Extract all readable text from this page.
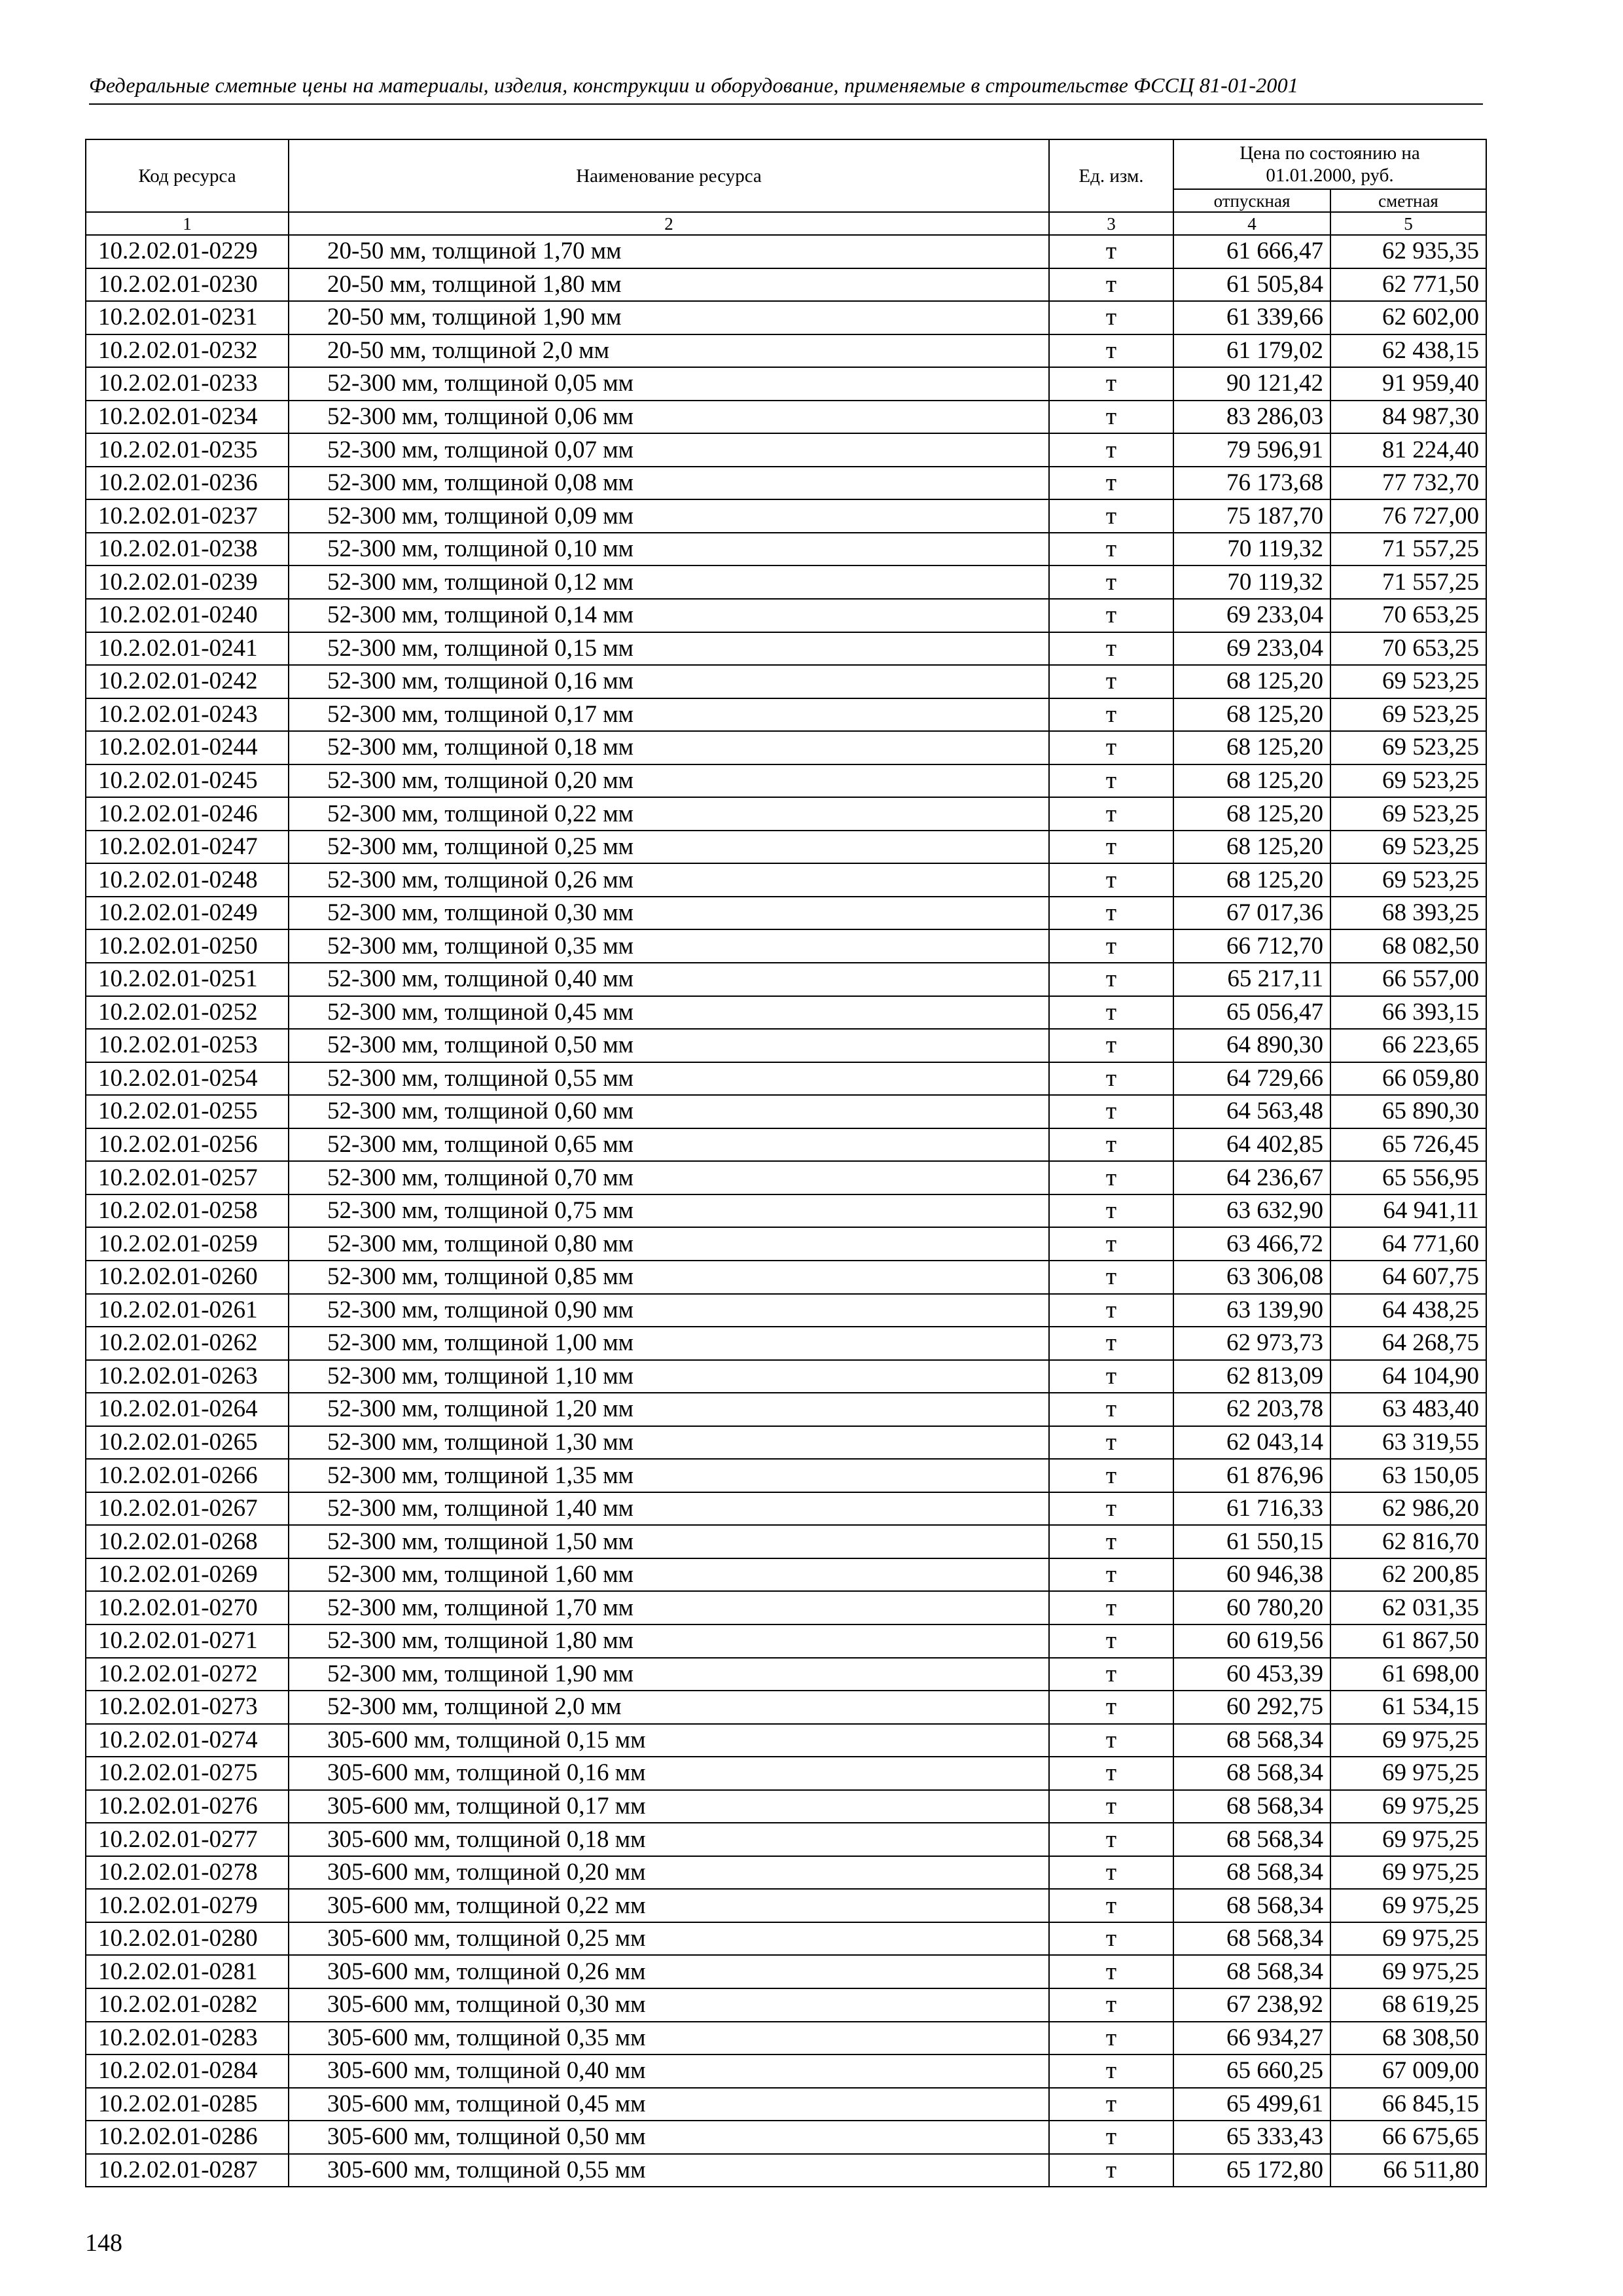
Федеральные сметные цены на материалы, изделия, конструкции и оборудование, применяемые в строительстве ФССЦ 81-01-2001
Код ресурса	Наименование ресурса	Ед. изм.	Цена по состоянию на 01.01.2000, руб.	
			отпускная	сметная
1	2	3	4	5
10.2.02.01-0229	20-50 мм, толщиной 1,70 мм	т	61 666,47	62 935,35
10.2.02.01-0230	20-50 мм, толщиной 1,80 мм	т	61 505,84	62 771,50
10.2.02.01-0231	20-50 мм, толщиной 1,90 мм	т	61 339,66	62 602,00
10.2.02.01-0232	20-50 мм, толщиной 2,0 мм	т	61 179,02	62 438,15
10.2.02.01-0233	52-300 мм, толщиной 0,05 мм	т	90 121,42	91 959,40
10.2.02.01-0234	52-300 мм, толщиной 0,06 мм	т	83 286,03	84 987,30
10.2.02.01-0235	52-300 мм, толщиной 0,07 мм	т	79 596,91	81 224,40
10.2.02.01-0236	52-300 мм, толщиной 0,08 мм	т	76 173,68	77 732,70
10.2.02.01-0237	52-300 мм, толщиной 0,09 мм	т	75 187,70	76 727,00
10.2.02.01-0238	52-300 мм, толщиной 0,10 мм	т	70 119,32	71 557,25
10.2.02.01-0239	52-300 мм, толщиной 0,12 мм	т	70 119,32	71 557,25
10.2.02.01-0240	52-300 мм, толщиной 0,14 мм	т	69 233,04	70 653,25
10.2.02.01-0241	52-300 мм, толщиной 0,15 мм	т	69 233,04	70 653,25
10.2.02.01-0242	52-300 мм, толщиной 0,16 мм	т	68 125,20	69 523,25
10.2.02.01-0243	52-300 мм, толщиной 0,17 мм	т	68 125,20	69 523,25
10.2.02.01-0244	52-300 мм, толщиной 0,18 мм	т	68 125,20	69 523,25
10.2.02.01-0245	52-300 мм, толщиной 0,20 мм	т	68 125,20	69 523,25
10.2.02.01-0246	52-300 мм, толщиной 0,22 мм	т	68 125,20	69 523,25
10.2.02.01-0247	52-300 мм, толщиной 0,25 мм	т	68 125,20	69 523,25
10.2.02.01-0248	52-300 мм, толщиной 0,26 мм	т	68 125,20	69 523,25
10.2.02.01-0249	52-300 мм, толщиной 0,30 мм	т	67 017,36	68 393,25
10.2.02.01-0250	52-300 мм, толщиной 0,35 мм	т	66 712,70	68 082,50
10.2.02.01-0251	52-300 мм, толщиной 0,40 мм	т	65 217,11	66 557,00
10.2.02.01-0252	52-300 мм, толщиной 0,45 мм	т	65 056,47	66 393,15
10.2.02.01-0253	52-300 мм, толщиной 0,50 мм	т	64 890,30	66 223,65
10.2.02.01-0254	52-300 мм, толщиной 0,55 мм	т	64 729,66	66 059,80
10.2.02.01-0255	52-300 мм, толщиной 0,60 мм	т	64 563,48	65 890,30
10.2.02.01-0256	52-300 мм, толщиной 0,65 мм	т	64 402,85	65 726,45
10.2.02.01-0257	52-300 мм, толщиной 0,70 мм	т	64 236,67	65 556,95
10.2.02.01-0258	52-300 мм, толщиной 0,75 мм	т	63 632,90	64 941,11
10.2.02.01-0259	52-300 мм, толщиной 0,80 мм	т	63 466,72	64 771,60
10.2.02.01-0260	52-300 мм, толщиной 0,85 мм	т	63 306,08	64 607,75
10.2.02.01-0261	52-300 мм, толщиной 0,90 мм	т	63 139,90	64 438,25
10.2.02.01-0262	52-300 мм, толщиной 1,00 мм	т	62 973,73	64 268,75
10.2.02.01-0263	52-300 мм, толщиной 1,10 мм	т	62 813,09	64 104,90
10.2.02.01-0264	52-300 мм, толщиной 1,20 мм	т	62 203,78	63 483,40
10.2.02.01-0265	52-300 мм, толщиной 1,30 мм	т	62 043,14	63 319,55
10.2.02.01-0266	52-300 мм, толщиной 1,35 мм	т	61 876,96	63 150,05
10.2.02.01-0267	52-300 мм, толщиной 1,40 мм	т	61 716,33	62 986,20
10.2.02.01-0268	52-300 мм, толщиной 1,50 мм	т	61 550,15	62 816,70
10.2.02.01-0269	52-300 мм, толщиной 1,60 мм	т	60 946,38	62 200,85
10.2.02.01-0270	52-300 мм, толщиной 1,70 мм	т	60 780,20	62 031,35
10.2.02.01-0271	52-300 мм, толщиной 1,80 мм	т	60 619,56	61 867,50
10.2.02.01-0272	52-300 мм, толщиной 1,90 мм	т	60 453,39	61 698,00
10.2.02.01-0273	52-300 мм, толщиной 2,0 мм	т	60 292,75	61 534,15
10.2.02.01-0274	305-600 мм, толщиной 0,15 мм	т	68 568,34	69 975,25
10.2.02.01-0275	305-600 мм, толщиной 0,16 мм	т	68 568,34	69 975,25
10.2.02.01-0276	305-600 мм, толщиной 0,17 мм	т	68 568,34	69 975,25
10.2.02.01-0277	305-600 мм, толщиной 0,18 мм	т	68 568,34	69 975,25
10.2.02.01-0278	305-600 мм, толщиной 0,20 мм	т	68 568,34	69 975,25
10.2.02.01-0279	305-600 мм, толщиной 0,22 мм	т	68 568,34	69 975,25
10.2.02.01-0280	305-600 мм, толщиной 0,25 мм	т	68 568,34	69 975,25
10.2.02.01-0281	305-600 мм, толщиной 0,26 мм	т	68 568,34	69 975,25
10.2.02.01-0282	305-600 мм, толщиной 0,30 мм	т	67 238,92	68 619,25
10.2.02.01-0283	305-600 мм, толщиной 0,35 мм	т	66 934,27	68 308,50
10.2.02.01-0284	305-600 мм, толщиной 0,40 мм	т	65 660,25	67 009,00
10.2.02.01-0285	305-600 мм, толщиной 0,45 мм	т	65 499,61	66 845,15
10.2.02.01-0286	305-600 мм, толщиной 0,50 мм	т	65 333,43	66 675,65
10.2.02.01-0287	305-600 мм, толщиной 0,55 мм	т	65 172,80	66 511,80
148
